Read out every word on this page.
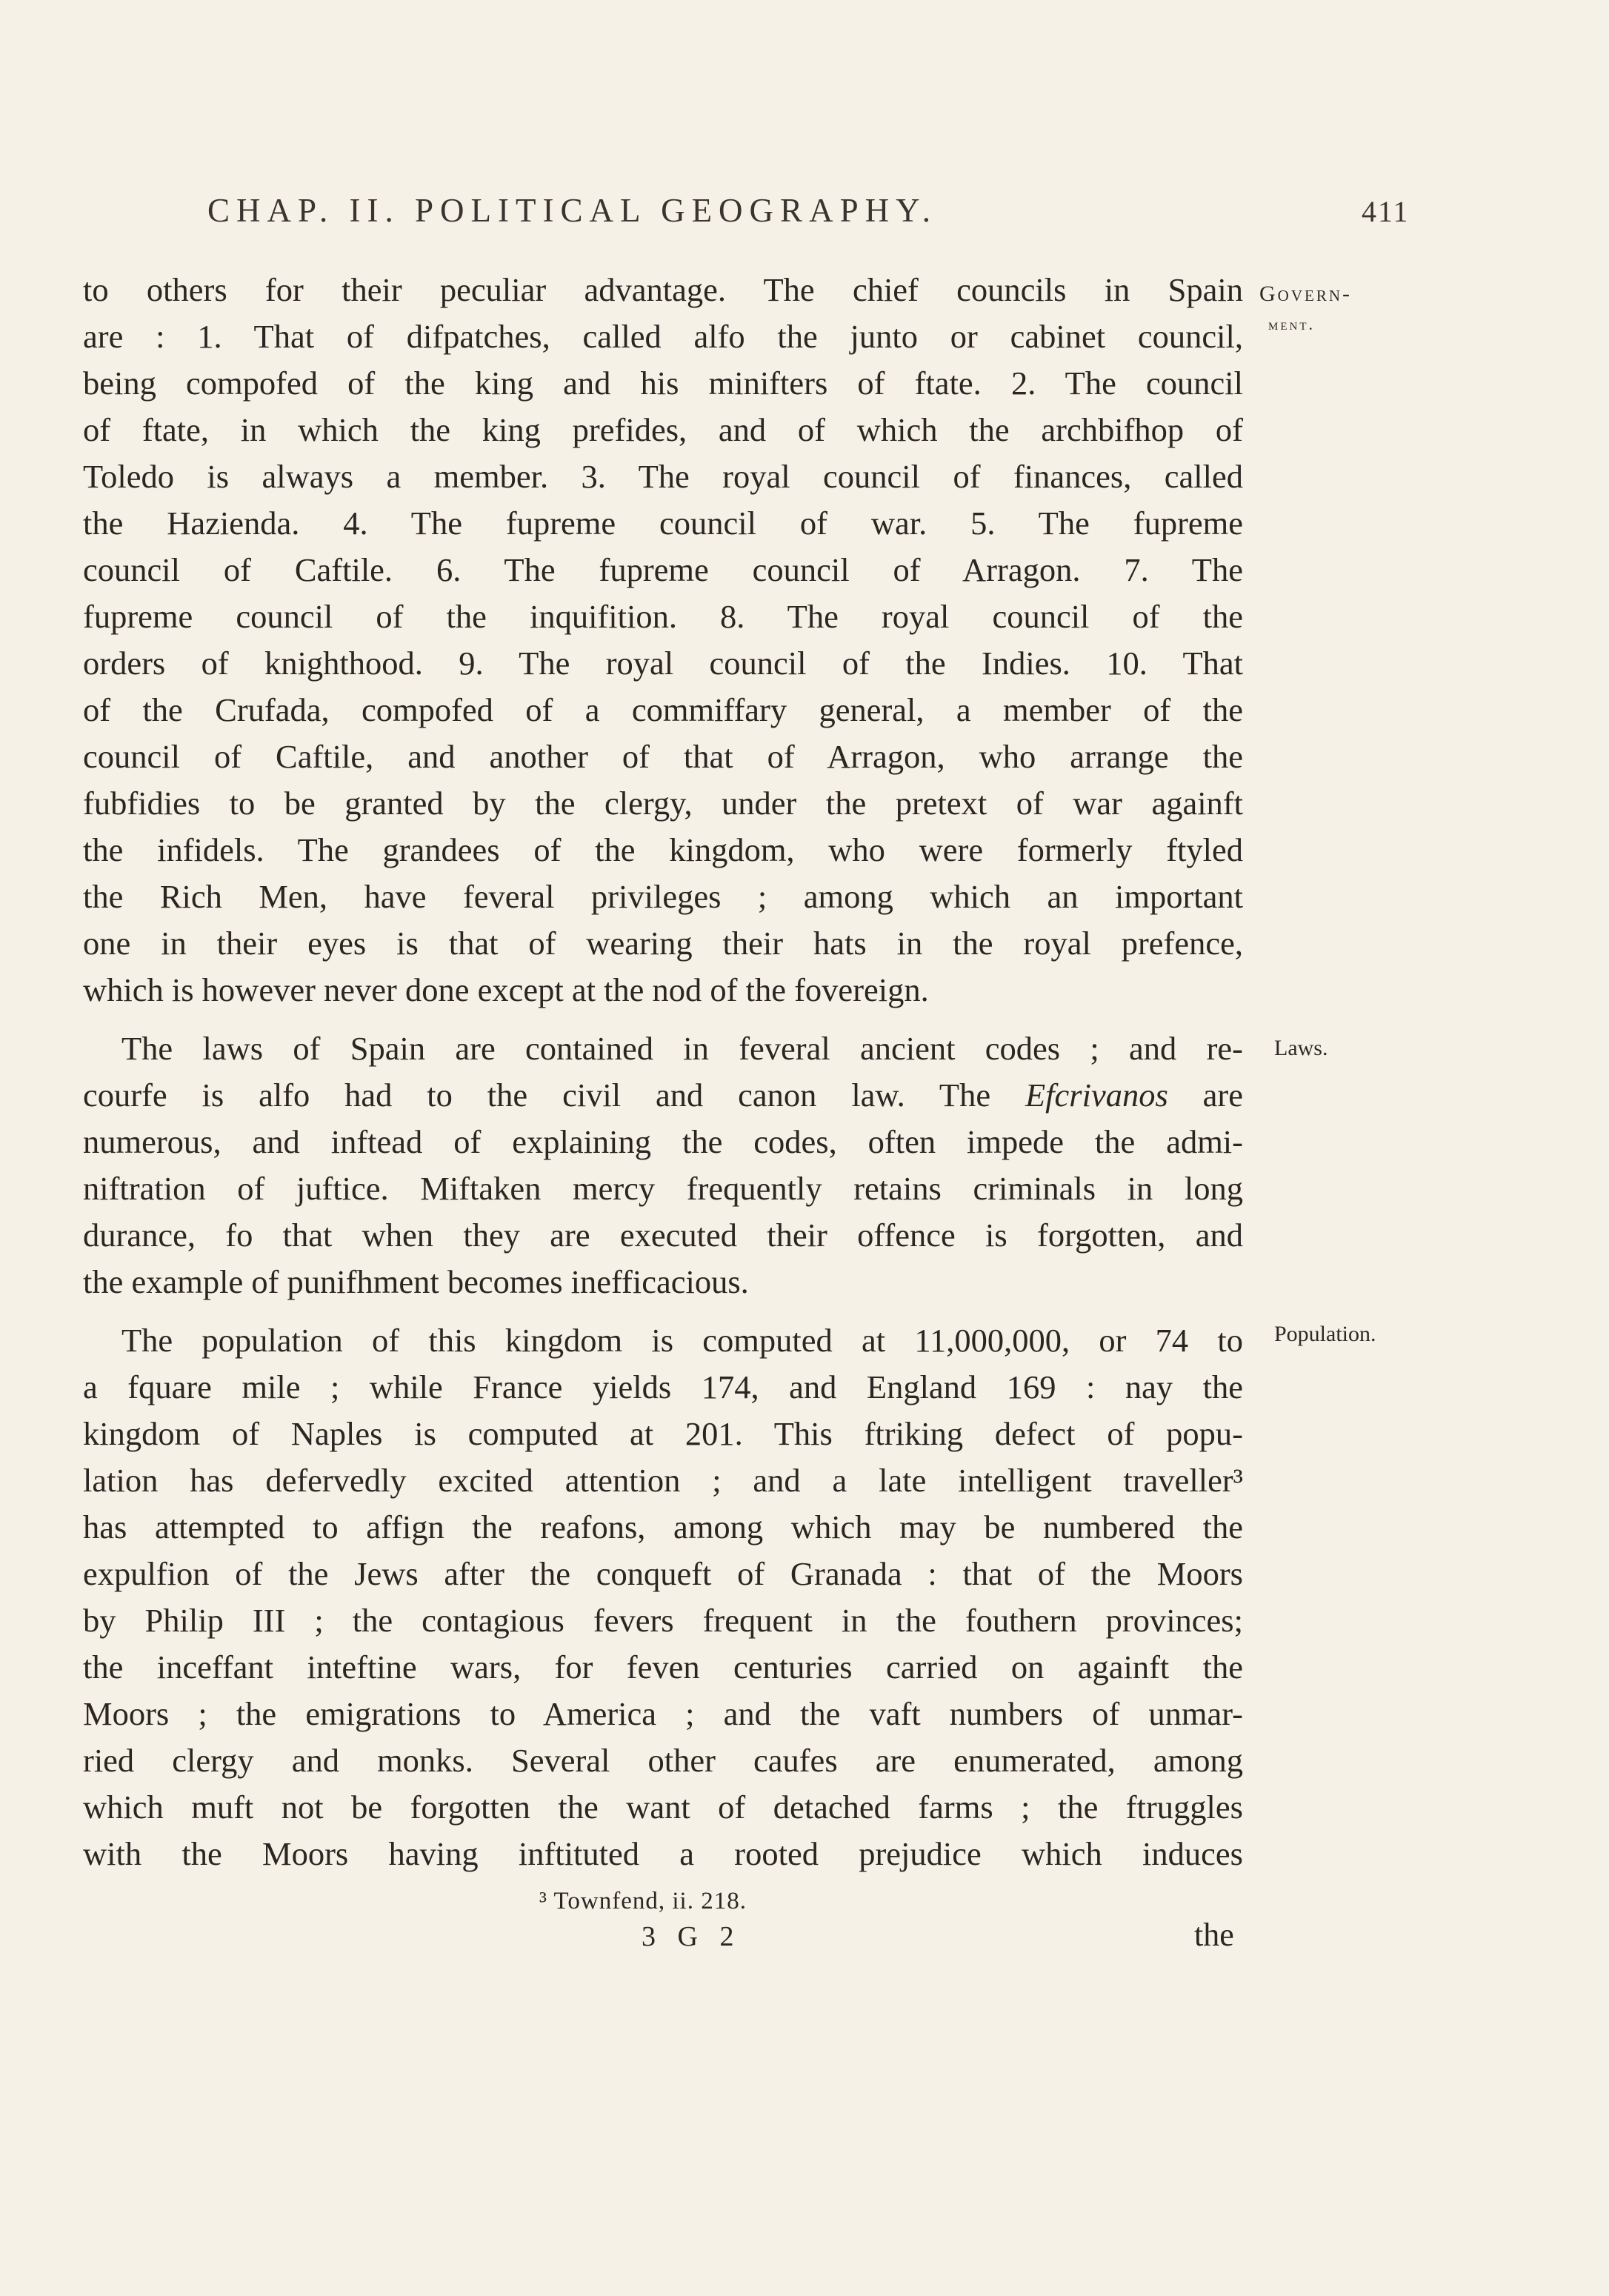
CHAP. II. POLITICAL GEOGRAPHY.	411
Govern-
ment.
Laws.
Population.
to others for their peculiar advantage. The chief councils in Spain
are : 1. That of difpatches, called alfo the junto or cabinet council,
being compofed of the king and his minifters of ftate. 2. The council
of ftate, in which the king prefides, and of which the archbifhop of
Toledo is always a member. 3. The royal council of finances, called
the Hazienda. 4. The fupreme council of war. 5. The fupreme
council of Caftile. 6. The fupreme council of Arragon. 7. The
fupreme council of the inquifition. 8. The royal council of the
orders of knighthood. 9. The royal council of the Indies. 10. That
of the Crufada, compofed of a commiffary general, a member of the
council of Caftile, and another of that of Arragon, who arrange the
fubfidies to be granted by the clergy, under the pretext of war againft
the infidels. The grandees of the kingdom, who were formerly ftyled
the Rich Men, have feveral privileges ; among which an important
one in their eyes is that of wearing their hats in the royal prefence,
which is however never done except at the nod of the fovereign.
The laws of Spain are contained in feveral ancient codes ; and re-
courfe is alfo had to the civil and canon law. The Efcrivanos are
numerous, and inftead of explaining the codes, often impede the admi-
niftration of juftice. Miftaken mercy frequently retains criminals in long
durance, fo that when they are executed their offence is forgotten, and
the example of punifhment becomes inefficacious.
The population of this kingdom is computed at 11,000,000, or 74 to
a fquare mile ; while France yields 174, and England 169 : nay the
kingdom of Naples is computed at 201. This ftriking defect of popu-
lation has defervedly excited attention ; and a late intelligent traveller³
has attempted to affign the reafons, among which may be numbered the
expulfion of the Jews after the conqueft of Granada : that of the Moors
by Philip III ; the contagious fevers frequent in the fouthern provinces;
the inceffant inteftine wars, for feven centuries carried on againft the
Moors ; the emigrations to America ; and the vaft numbers of unmar-
ried clergy and monks. Several other caufes are enumerated, among
which muft not be forgotten the want of detached farms ; the ftruggles
with the Moors having inftituted a rooted prejudice which induces
³ Townfend, ii. 218.
3 G 2	the
